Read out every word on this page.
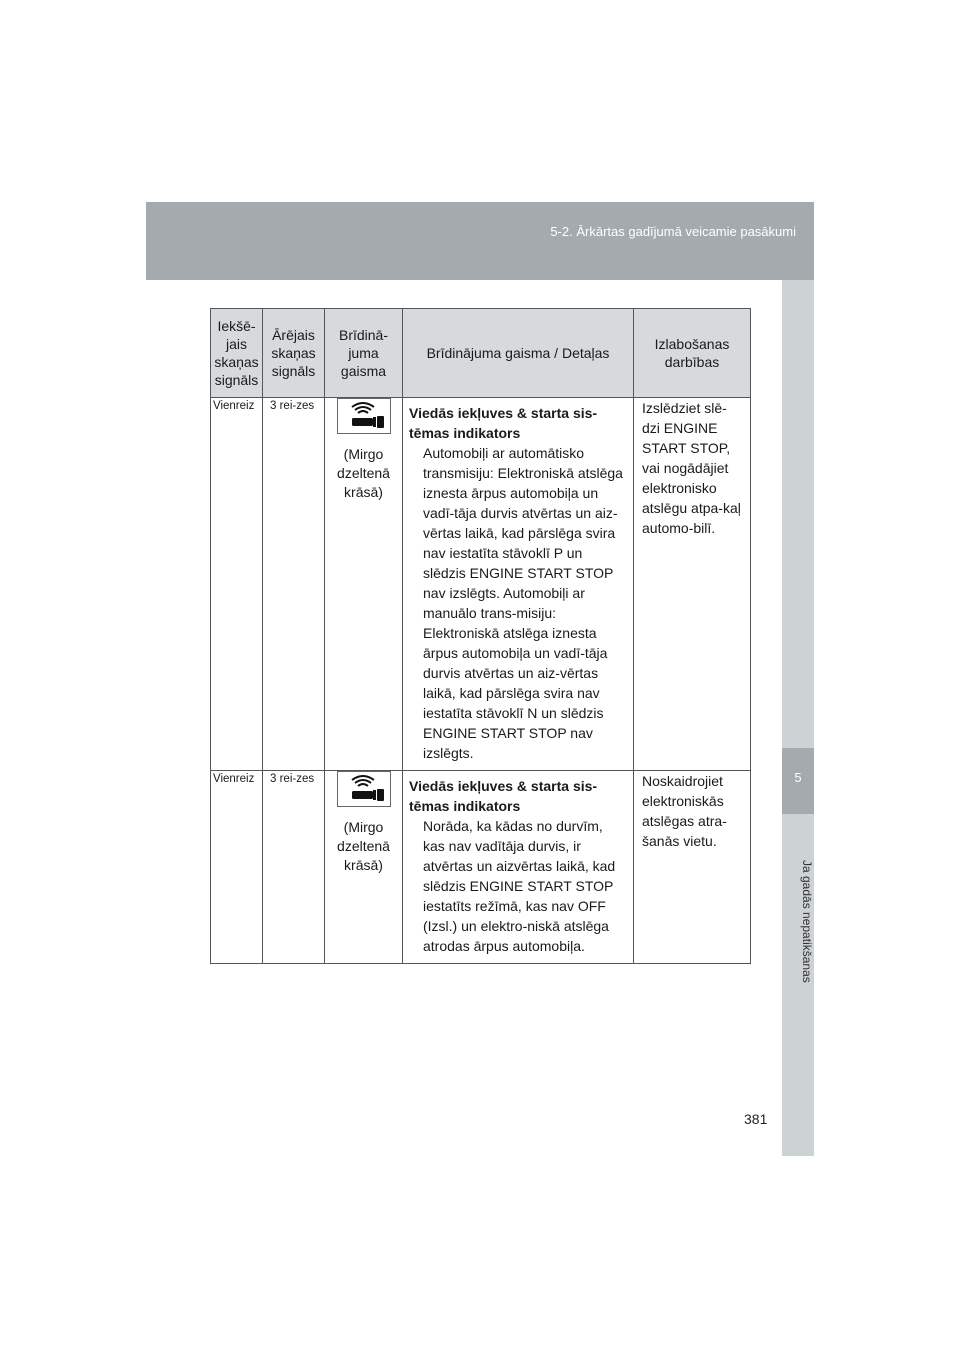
5-2. Ārkārtas gadījumā veicamie pasākumi
5
Ja gadās nepatikšanas
Iekšē-jais skaņas signāls	Ārējais skaņas signāls	Brīdinā-juma gaisma	Brīdinājuma gaisma / Detaļas	Izlabošanas darbības
Vienreiz	3 rei-zes	(Mirgo dzeltenā krāsā)	Viedās iekļuves & starta sis-tēmas indikators

Automobiļi ar automātisko transmisiju: Elektroniskā atslēga iznesta ārpus automobiļa un vadī-tāja durvis atvērtas un aiz-vērtas laikā, kad pārslēga svira nav iestatīta stāvoklī P un slēdzis ENGINE START STOP nav izslēgts. Automobiļi ar manuālo trans-misiju: Elektroniskā atslēga iznesta ārpus automobiļa un vadī-tāja durvis atvērtas un aiz-vērtas laikā, kad pārslēga svira nav iestatīta stāvoklī N un slēdzis ENGINE START STOP nav izslēgts.	Izslēdziet slē-dzi ENGINE START STOP, vai nogādājiet elektronisko atslēgu atpa-kaļ automo-bilī.
Vienreiz	3 rei-zes	(Mirgo dzeltenā krāsā)	Viedās iekļuves & starta sis-tēmas indikators

Norāda, ka kādas no durvīm, kas nav vadītāja durvis, ir atvērtas un aizvērtas laikā, kad slēdzis ENGINE START STOP iestatīts režīmā, kas nav OFF (Izsl.) un elektro-niskā atslēga atrodas ārpus automobiļa.	Noskaidrojiet elektroniskās atslēgas atra-šanās vietu.
381
